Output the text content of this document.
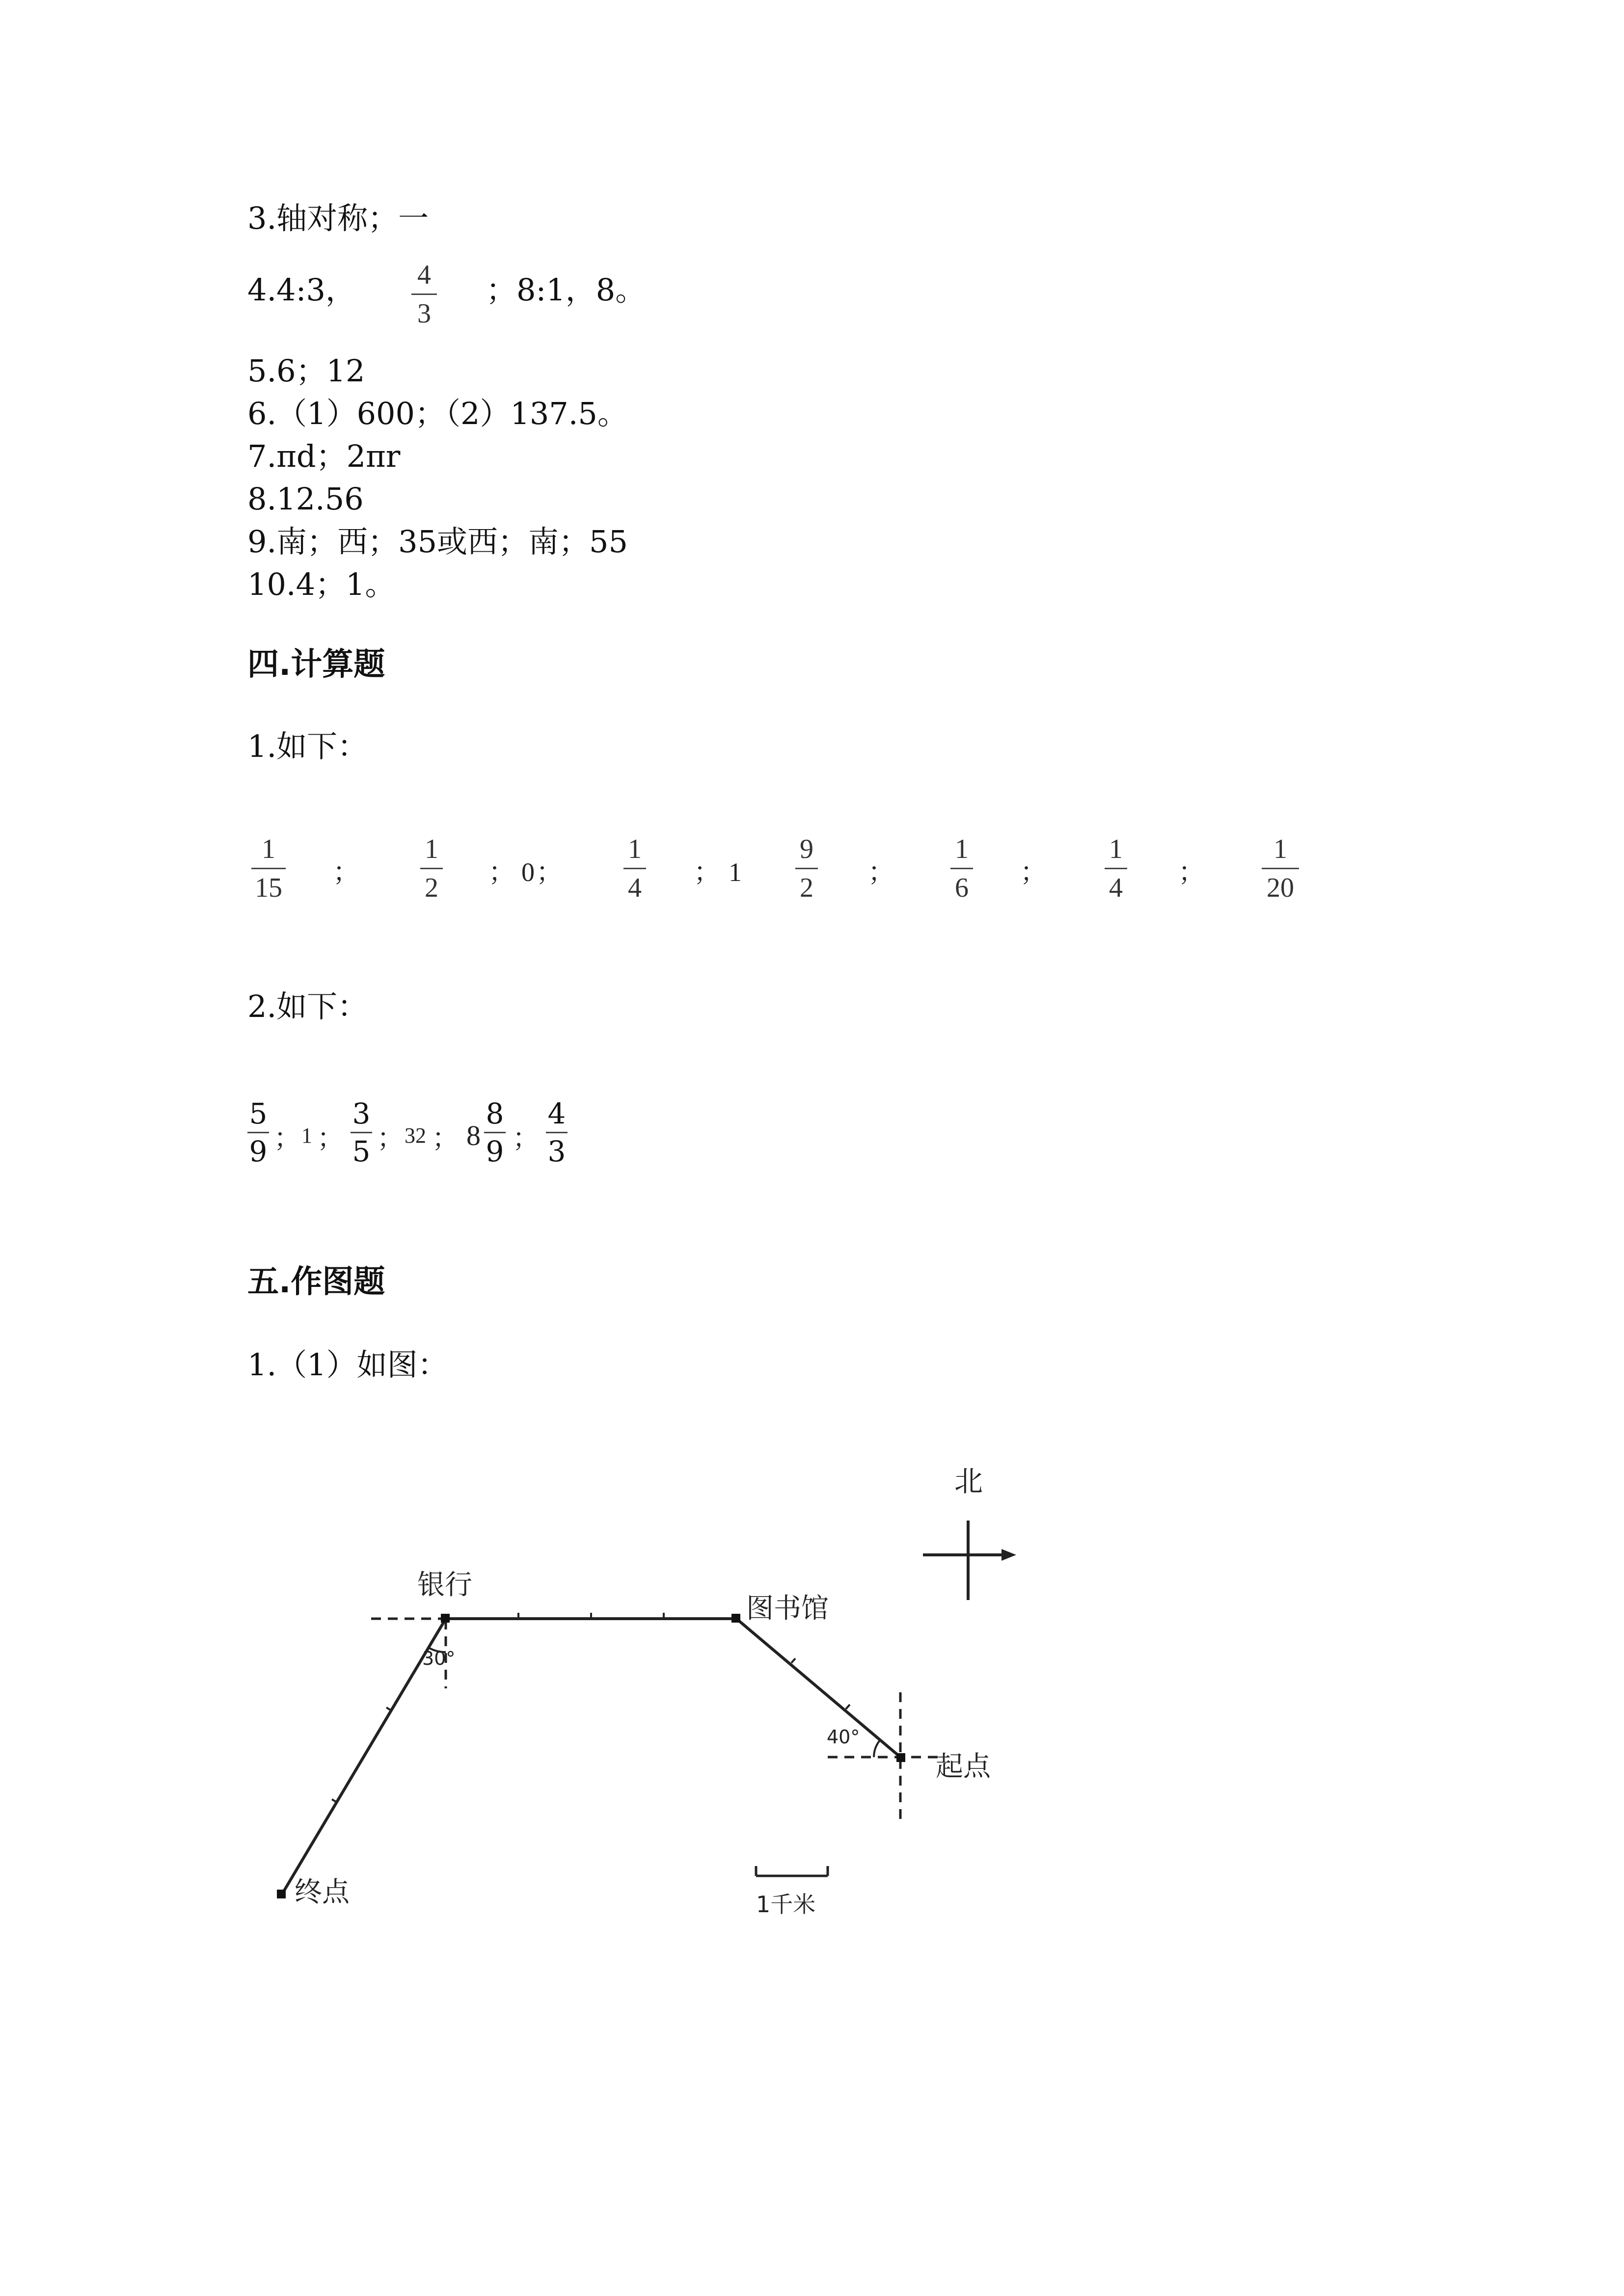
3.轴对称；一
4.4:3， 4
3
；8:1，8。
5.6；12
6.（1）600；（2）137.5。
7.πd；2πr
8.12.56
9.南；西；35或西；南；55
10.4；1。
四.计算题
1.如下：
1
15
；
1
2
； 0 ；
1
4
； 1
9
2
；
1
6
；
1
4
；
1
20
2.如下：
5
9 ； 1 ；
3
5 ； 32 ； 8
8
9 ；
4
3
五.作图题
1.（1）如图：
北
银行
图书馆
起点
终点
30°
40°
1千米
